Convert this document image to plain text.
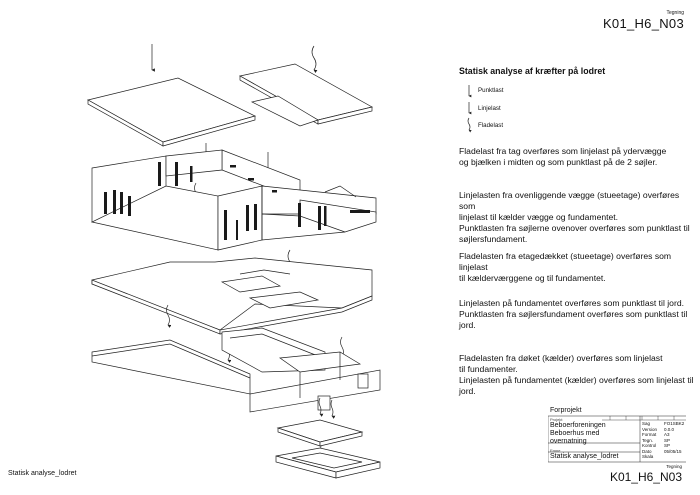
Tegning
K01_H6_N03
Statisk analyse af kræfter på lodret
Punktlast
Linjelast
Fladelast
Fladelast fra tag overføres som linjelast på ydervægge
og bjælken i midten og som punktlast på de 2 søjler.
Linjelasten fra ovenliggende vægge (stueetage) overføres som
linjelast til kælder vægge og fundamentet.
Punktlasten fra søjlerne ovenover overføres som punktlast til
søjlersfundament.
Fladelasten fra etagedækket (stueetage) overføres som linjelast
til kælderværggene og til fundamentet.
Linjelasten på fundamentet overføres som punktlast til jord.
Punktlasten fra søjlersfundament overføres som punktlast til jord.
Fladelasten fra døket (kælder) overføres som linjelast
til fundamenter.
Linjelasten på fundamentet (kælder) overføres som linjelast til
jord.
Statisk analyse_lodret
Forprojekt
Projekt
Beboerforeningen
Beboerhus med
overnatning
Emne
Statisk analyse_lodret
Sag	FO1SBK2
Version 0.0.0
Format A3
Tegn. SP
Kontrol SP
Dato	05/05/15
Skala
Tegning
K01_H6_N03
